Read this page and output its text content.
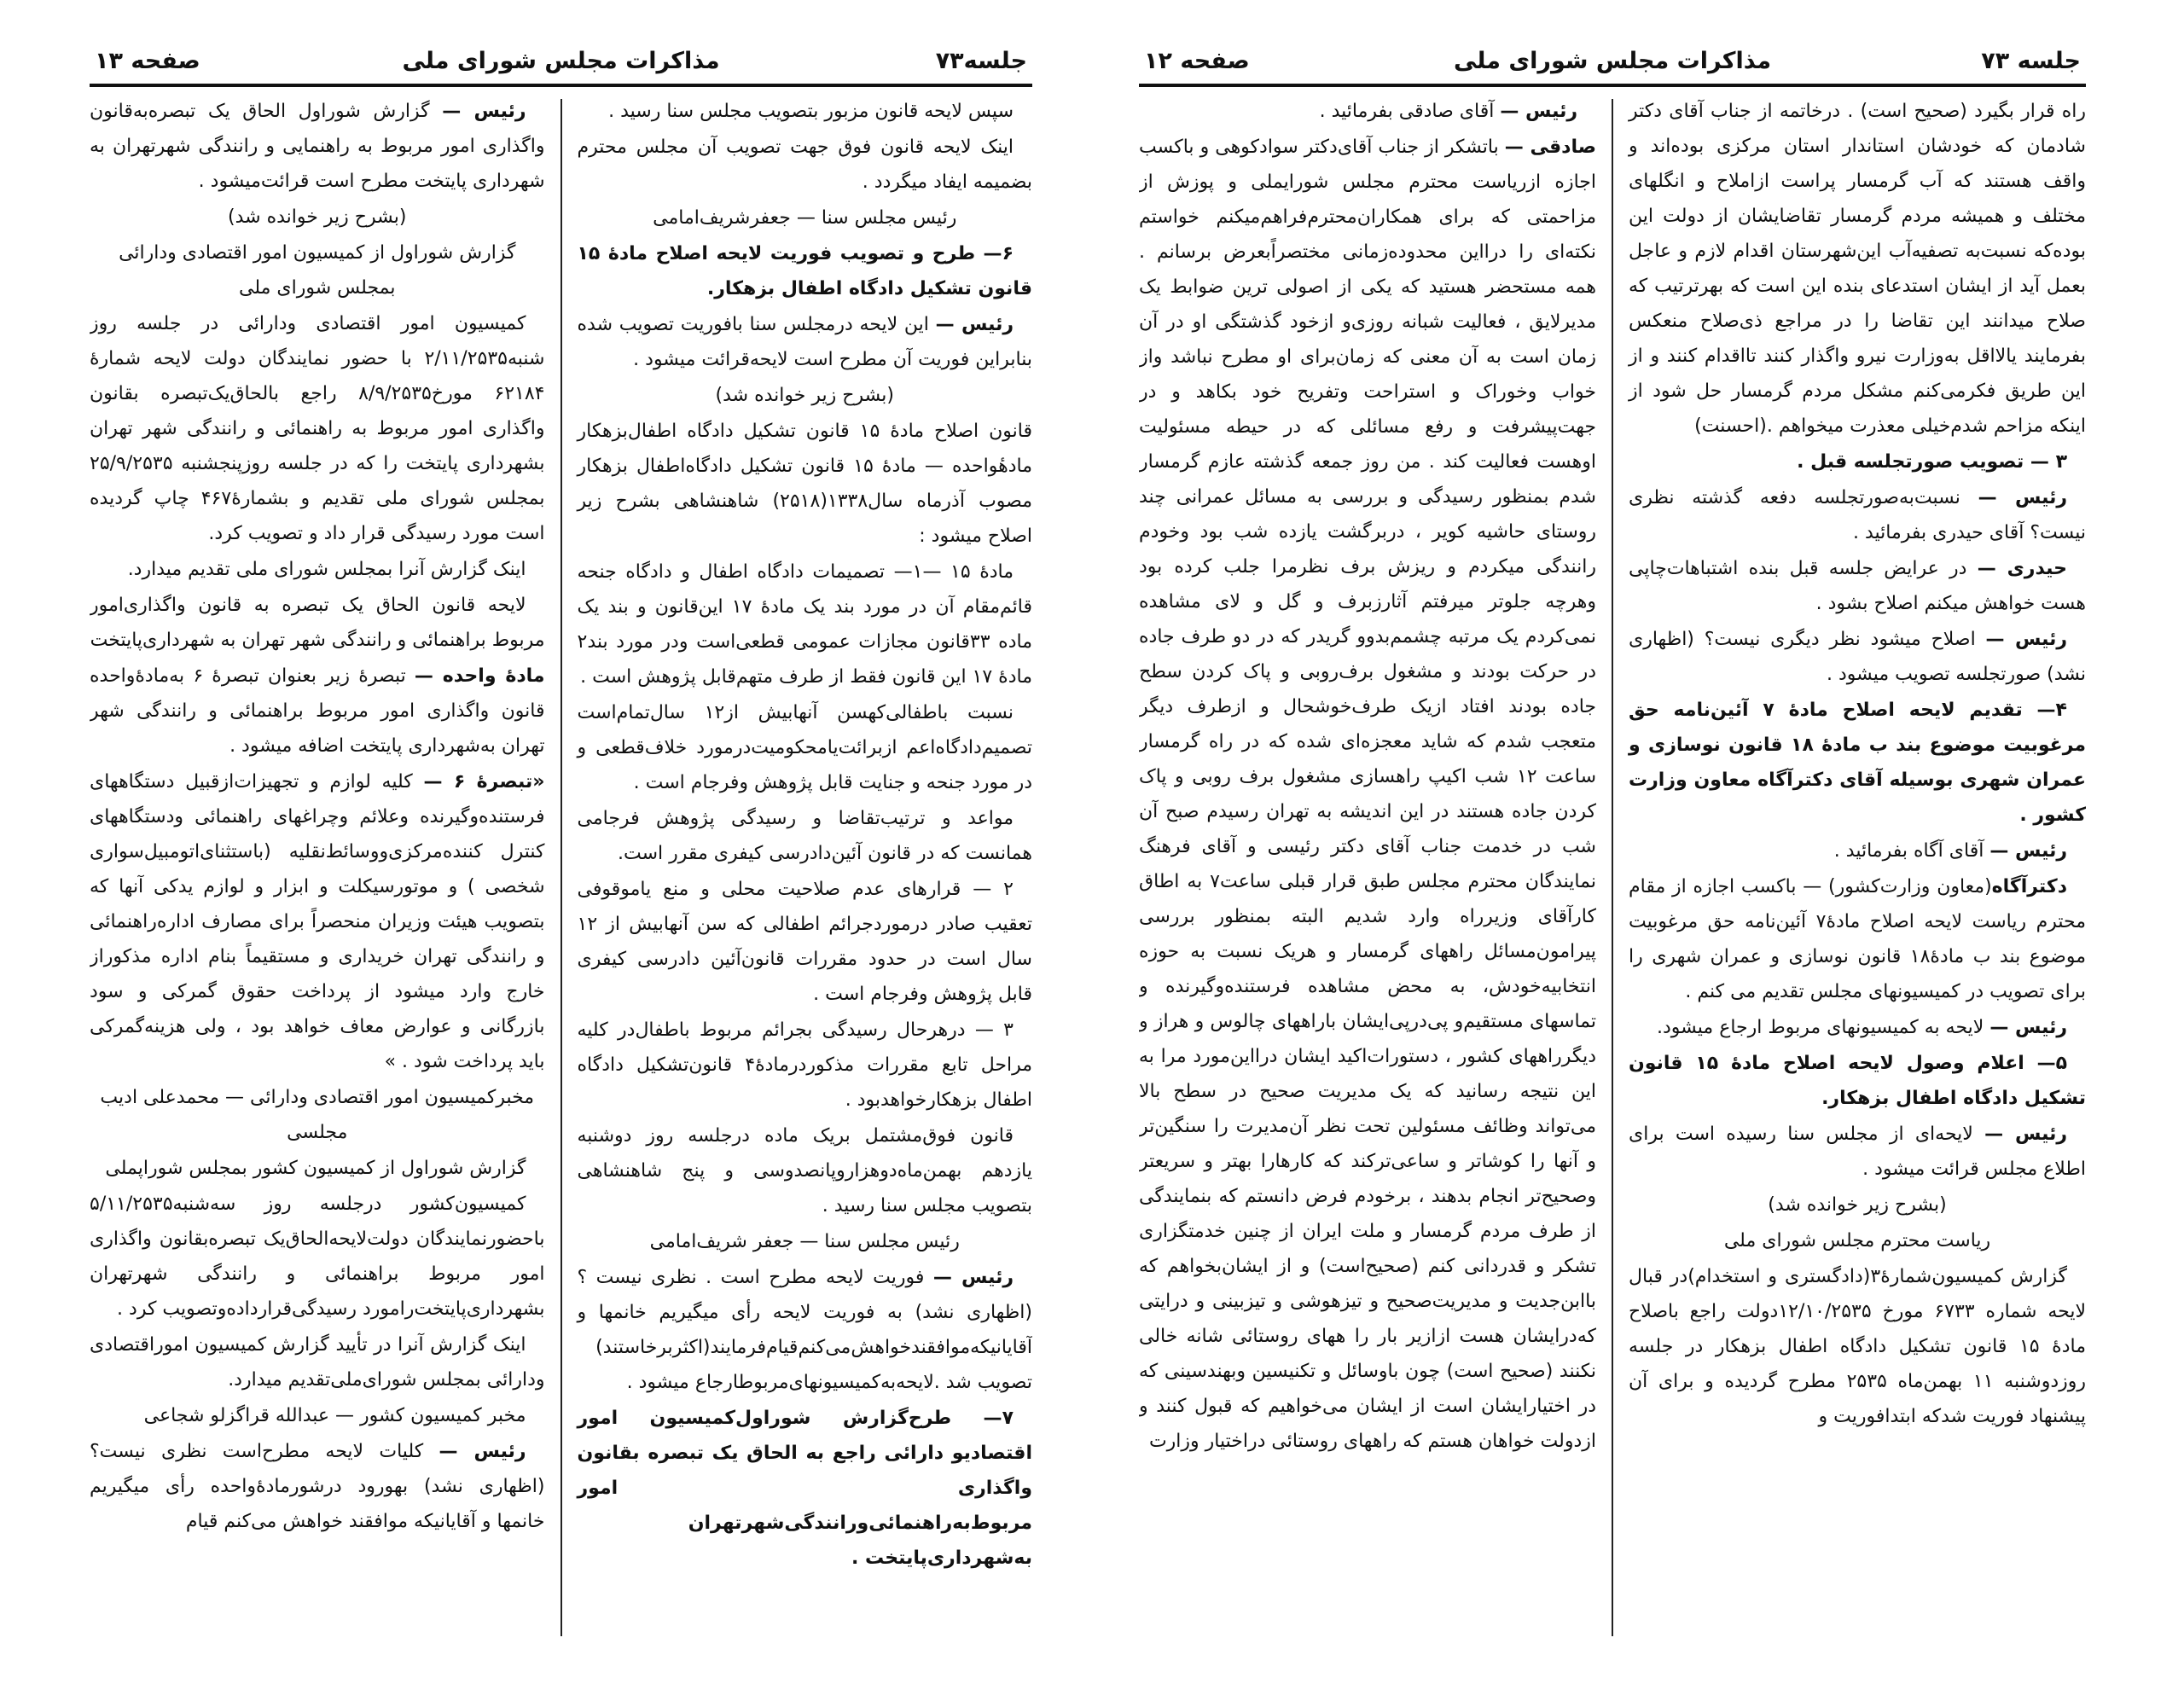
جلسه۷۳
مذاکرات مجلس شورای ملی
صفحه ۱۳

سپس لایحه قانون مزبور بتصویب مجلس سنا رسید .

اینک لایحه قانون فوق جهت تصویب آن مجلس محترم بضمیمه ایفاد میگردد .

رئیس مجلس سنا — جعفرشریف‌امامی

۶— طرح و تصویب فوریت لایحه اصلاح مادهٔ ۱۵ قانون تشکیل دادگاه اطفال بزهکار.

رئیس — این لایحه درمجلس سنا بافوریت تصویب شده بنابراین فوریت آن مطرح است لایحه‌قرائت میشود .

(بشرح زیر خوانده شد)

قانون اصلاح مادهٔ ۱۵ قانون تشکیل دادگاه اطفال‌بزهکار مادهٔواحده — مادهٔ ۱۵ قانون تشکیل دادگاه‌اطفال بزهکار مصوب آذرماه سال۱۳۳۸(۲۵۱۸) شاهنشاهی بشرح زیر اصلاح میشود :

مادهٔ ۱۵ —۱— تصمیمات دادگاه اطفال و دادگاه جنحه قائم‌مقام آن در مورد بند یک مادهٔ ۱۷ این‌قانون و بند یک ماده ۳۳قانون مجازات عمومی قطعی‌است ودر مورد بند۲ مادهٔ ۱۷ این قانون فقط از طرف متهم‌قابل پژوهش است .

نسبت باطفالی‌کهسن آنهابیش از۱۲ سال‌تمام‌است تصمیم‌دادگاه‌اعم از‌برائت‌یامحکومیت‌درمورد خلاف‌قطعی و در مورد جنحه و جنایت قابل پژوهش وفرجام است .

مواعد و ترتیب‌تقاضا و رسیدگی پژوهش فرجامی همانست که در قانون آئین‌دادرسی کیفری مقرر است.

۲ — قرارهای عدم صلاحیت محلی و منع یاموقوفی تعقیب صادر درموردجرائم اطفالی که سن آنهابیش از ۱۲ سال است در حدود مقررات قانون‌آئین دادرسی کیفری قابل پژوهش وفرجام است .

۳ — درهرحال رسیدگی بجرائم مربوط باطفال‌در کلیه مراحل تابع مقررات مذکوردرمادهٔ۴ قانون‌تشکیل دادگاه اطفال بزهکارخواهدبود .

قانون فوق‌مشتمل بریک ماده درجلسه روز دوشنبه یازدهم بهمن‌ماه‌دوهزاروپانصدوسی و پنج شاهنشاهی بتصویب مجلس سنا رسید .

رئیس مجلس سنا — جعفر شریف‌امامی

رئیس — فوریت لایحه مطرح است . نظری نیست ؟ (اظهاری نشد) به فوریت لایحه رأی میگیریم خانمها و آقایانیکه‌موافقندخواهش‌می‌کنم‌قیام‌فرمایند(اکثربرخاستند) تصویب شد .لایحه‌به‌کمیسیونهای‌مربوطارجاع میشود .

۷— طرح‌گزارش شوراول‌کمیسیون امور اقتصادیو دارائی راجع به الحاق یک تبصره بقانون واگذاری امور مربوط‌به‌راهنمائی‌ورانندگی‌شهرتهران به‌شهرداری‌پایتخت .

رئیس — گزارش شوراول الحاق یک تبصره‌به‌قانون واگذاری امور مربوط به راهنمایی و رانندگی شهرتهران به شهرداری پایتخت مطرح است قرائت‌میشود .

(بشرح زیر خوانده شد)

گزارش شوراول از کمیسیون امور اقتصادی ودارائی بمجلس شورای ملی

کمیسیون امور اقتصادی ودارائی در جلسه روز شنبه۲/۱۱/۲۵۳۵ با حضور نمایندگان دولت لایحه شمارهٔ ۶۲۱۸۴ مورخ۸/۹/۲۵۳۵ راجع بالحاق‌یک‌تبصره بقانون واگذاری امور مربوط به راهنمائی و رانندگی شهر تهران بشهرداری پایتخت را که در جلسه روزپنجشنبه ۲۵/۹/۲۵۳۵ بمجلس شورای ملی تقدیم و بشمارهٔ۴۶۷ چاپ گردیده است مورد رسیدگی قرار داد و تصویب کرد.

اینک گزارش آنرا بمجلس شورای ملی تقدیم میدارد.

لایحه قانون الحاق یک تبصره به قانون واگذاری‌امور مربوط براهنمائی و رانندگی شهر تهران به شهرداری‌پایتخت

مادهٔ واحده — تبصرهٔ زیر بعنوان تبصرهٔ ۶ به‌مادهٔ‌واحده قانون واگذاری امور مربوط براهنمائی و رانندگی شهر تهران به‌شهرداری پایتخت اضافه میشود .

«تبصرهٔ ۶ — کلیه لوازم و تجهیزات‌ازقبیل دستگاههای فرستنده‌وگیرنده وعلائم وچراغهای راهنمائی ودستگاههای کنترل کننده‌مرکزی‌ووسائط‌نقلیه (باستثنای‌اتومبیل‌سواری شخصی ) و موتورسیکلت و ابزار و لوازم یدکی آنها که بتصویب هیئت وزیران منحصراً برای مصارف اداره‌راهنمائی و رانندگی تهران خریداری و مستقیماً بنام اداره مذکوراز خارج وارد میشود از پرداخت حقوق گمرکی و سود بازرگانی و عوارض معاف خواهد بود ، ولی هزینه‌گمرکی باید پرداخت شود . »

مخبرکمیسیون امور اقتصادی ودارائی — محمدعلی ادیب مجلسی

گزارش شوراول از کمیسیون کشور بمجلس شوراپملی

کمیسیون‌کشور درجلسه روز سه‌شنبه۵/۱۱/۲۵۳۵ باحضورنمایندگان دولت‌لایحه‌الحاق‌یک تبصره‌بقانون واگذاری امور مربوط براهنمائی و رانندگی شهرتهران بشهرداری‌پایتخت‌رامورد رسیدگی‌قرارداده‌وتصویب کرد .

اینک گزارش آنرا در تأیید گزارش کمیسیون امور‌اقتصادی ودارائی بمجلس شورای‌ملی‌تقدیم میدارد.

مخبر کمیسیون کشور — عبدالله قراگزلو شجاعی

رئیس — کلیات لایحه مطرح‌است نظری نیست؟ (اظهاری نشد) بهورود درشورمادهٔ‌واحده رأی میگیریم خانمها و آقایانیکه موافقند خواهش می‌کنم قیام

جلسه ۷۳
مذاکرات مجلس شورای ملی
صفحه ۱۲

راه قرار بگیرد (صحیح است) . درخاتمه از جناب آقای دکتر شادمان که خودشان استاندار استان مرکزی بوده‌اند و واقف هستند که آب گرمسار پراست ازاملاح و انگلهای مختلف و همیشه مردم گرمسار تقاضایشان از دولت این بوده‌که نسبت‌به تصفیه‌آب این‌شهرستان اقدام لازم و عاجل بعمل آید از ایشان استدعای بنده این است که بهرترتیب که صلاح میدانند این تقاضا را در مراجع ذی‌صلاح منعکس بفرمایند یالااقل به‌وزارت نیرو واگذار کنند تااقدام کنند و از این طریق فکرمی‌کنم مشکل مردم گرمسار حل شود از اینکه مزاحم شدم‌خیلی معذرت میخواهم .(احسنت)

۳ — تصویب صورتجلسه قبل .

رئیس — نسبت‌به‌صورتجلسه دفعه گذشته نظری نیست؟ آقای حیدری بفرمائید .

حیدری — در عرایض جلسه قبل بنده اشتباهات‌چاپی هست خواهش میکنم اصلاح بشود .

رئیس — اصلاح میشود نظر دیگری نیست؟ (اظهاری نشد) صورتجلسه تصویب میشود .

۴— تقدیم لایحه اصلاح مادهٔ ۷ آئین‌نامه حق مرغوبیت موضوع بند ب مادهٔ ۱۸ قانون نوسازی و عمران شهری بوسیله آقای دکترآگاه معاون وزارت کشور .

رئیس — آقای آگاه بفرمائید .

دکترآگاه(معاون وزارت‌کشور) — باکسب اجازه از مقام محترم ریاست لایحه اصلاح مادهٔ۷ آئین‌نامه حق مرغوبیت موضوع بند ب مادهٔ۱۸ قانون نوسازی و عمران شهری را برای تصویب در کمیسیونهای مجلس تقدیم می کنم .

رئیس — لایحه به کمیسیونهای مربوط ارجاع میشود.

۵— اعلام وصول لایحه اصلاح مادهٔ ۱۵ قانون تشکیل دادگاه اطفال بزهکار.

رئیس — لایحه‌ای از مجلس سنا رسیده است برای اطلاع مجلس قرائت میشود .

(بشرح زیر خوانده شد)

ریاست محترم مجلس شورای ملی

گزارش کمیسیون‌شمارهٔ۳(دادگستری و استخدام)در قبال لایحه شماره ۶۷۳۳ مورخ ۱۲/۱۰/۲۵۳۵دولت راجع باصلاح مادهٔ ۱۵ قانون تشکیل دادگاه اطفال بزهکار در جلسه روزدوشنبه ۱۱ بهمن‌ماه ۲۵۳۵ مطرح گردیده و برای آن پیشنهاد فوریت شدکه ابتدافوریت و

رئیس — آقای صادقی بفرمائید .

صادقی — باتشکر از جناب آقای‌دکتر سوادکوهی و باکسب اجازه ازریاست محترم مجلس شورایملی و پوزش از مزاحمتی که برای همکاران‌محترم‌فراهم‌میکنم خواستم نکته‌ای را درااین محدوده‌زمانی مختصراًبعرض برسانم . همه مستحضر هستید که یکی از اصولی ترین ضوابط یک مدیرلایق ، فعالیت شبانه روزی‌و ازخود گذشتگی او در آن زمان است به آن معنی که زمان‌برای او مطرح نباشد واز خواب وخوراک و استراحت وتفریح خود بکاهد و در جهت‌پیشرفت و رفع مسائلی که در حیطه مسئولیت اوهست فعالیت کند . من روز جمعه گذشته عازم گرمسار شدم بمنظور رسیدگی و بررسی به مسائل عمرانی چند روستای حاشیه کویر ، دربرگشت یازده شب بود وخودم رانندگی میکردم و ریزش برف نظرمرا جلب کرده بود وهرچه جلوتر میرفتم آثارزبرف و گل و لای مشاهده نمی‌کردم یک مرتبه چشمم‌بدوو گریدر که در دو طرف جاده در حرکت بودند و مشغول برف‌روبی و پاک کردن سطح جاده بودند افتاد ازیک طرف‌خوشحال و ازطرف دیگر متعجب شدم که شاید معجزه‌ای شده که در راه گرمسار ساعت ۱۲ شب اکیپ راهسازی مشغول برف روبی و پاک کردن جاده هستند در این اندیشه به تهران رسیدم صبح آن شب در خدمت جناب آقای دکتر رئیسی و آقای فرهنگ نمایندگان محترم مجلس طبق قرار قبلی ساعت۷ به اطاق کارآقای وزیرراه وارد شدیم البته بمنظور بررسی پیرامون‌مسائل راههای گرمسار و هریک نسبت به حوزه انتخابیه‌خودش، به محض مشاهده فرستنده‌وگیرنده و تماسهای مستقیم‌و پی‌درپی‌ایشان باراههای چالوس و هراز و دیگرراههای کشور ، دستورات‌اکید ایشان درااین‌مورد مرا به این نتیجه رسانید که یک مدیریت صحیح در سطح بالا می‌تواند وظائف مسئولین تحت نظر آن‌مدیرت را سنگین‌تر و آنها را کوشاتر و ساعی‌ترکند که کارهارا بهتر و سریعتر وصحیح‌تر انجام بدهند ، برخودم فرض دانستم که بنمایندگی از طرف مردم گرمسار و ملت ایران از چنین خدمتگزاری تشکر و قدردانی کنم (صحیح‌است) و از ایشان‌بخواهم که باابن‌جدیت و مدیریت‌صحیح و تیزهوشی و تیزبینی و درایتی که‌درایشان هست ازازیر بار را ههای روستائی شانه خالی نکنند (صحیح است) چون باوسائل و تکنیسین وبهندسینی که در اختیارایشان است از ایشان می‌خواهیم که قبول کنند و ازدولت خواهان هستم که راههای روستائی دراختیار وزارت
